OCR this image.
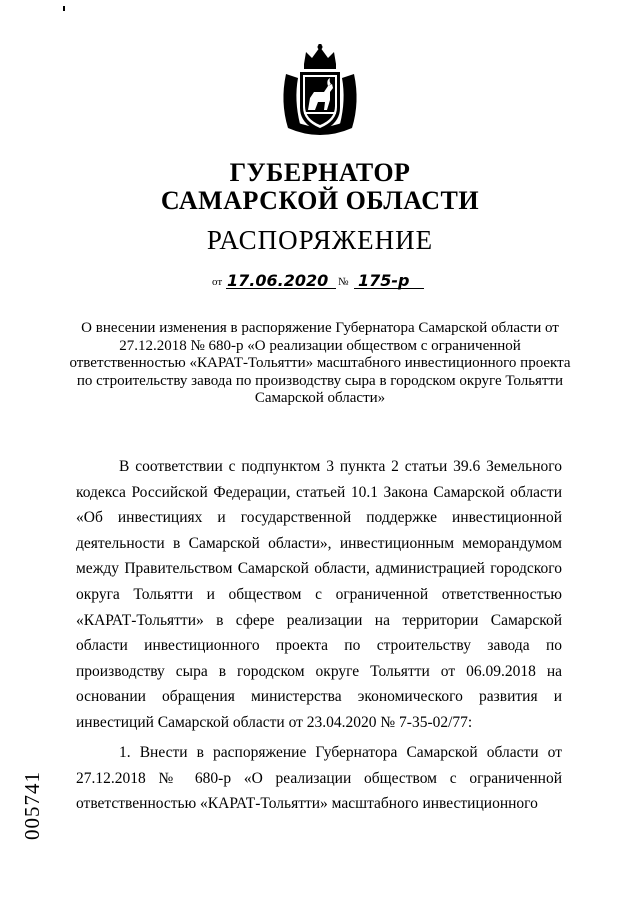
ГУБЕРНАТОР
САМАРСКОЙ ОБЛАСТИ
РАСПОРЯЖЕНИЕ
от 17.06.2020 № 175-р
О внесении изменения в распоряжение Губернатора Самарской области от 27.12.2018 № 680-р «О реализации обществом с ограниченной ответственностью «КАРАТ-Тольятти» масштабного инвестиционного проекта по строительству завода по производству сыра в городском округе Тольятти Самарской области»

В соответствии с подпунктом 3 пункта 2 статьи 39.6 Земельного кодекса Российской Федерации, статьей 10.1 Закона Самарской области «Об инвестициях и государственной поддержке инвестиционной деятельности в Самарской области», инвестиционным меморандумом между Правительством Самарской области, администрацией городского округа Тольятти и обществом с ограниченной ответственностью «КАРАТ-Тольятти» в сфере реализации на территории Самарской области инвестиционного проекта по строительству завода по производству сыра в городском округе Тольятти от 06.09.2018 на основании обращения министерства экономического развития и инвестиций Самарской области от 23.04.2020 № 7-35-02/77:

1. Внести в распоряжение Губернатора Самарской области от 27.12.2018 № 680-р «О реализации обществом с ограниченной ответственностью «КАРАТ-Тольятти» масштабного инвестиционного

005741
